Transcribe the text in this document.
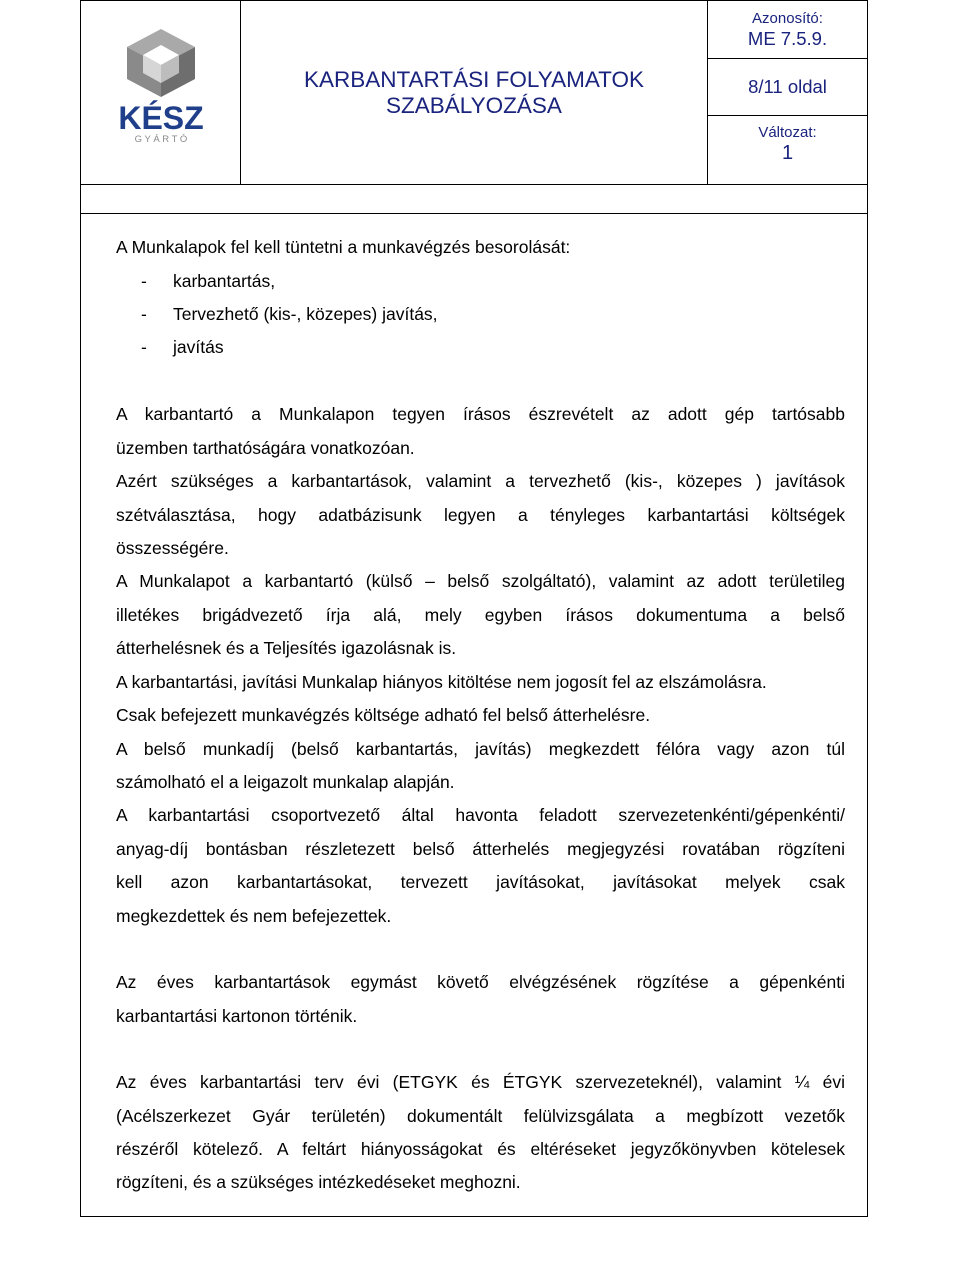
KÉSZ
G Y Á R T Ó
KARBANTARTÁSI FOLYAMATOK
SZABÁLYOZÁSA
Azonosító:
ME 7.5.9.
8/11 oldal
Változat:
1
A Munkalapok fel kell tüntetni a munkavégzés besorolását:
- karbantartás,
- Tervezhető (kis-, közepes) javítás,
- javítás
A karbantartó a Munkalapon tegyen írásos észrevételt az adott gép tartósabb
üzemben tarthatóságára vonatkozóan.
Azért szükséges a karbantartások, valamint a tervezhető (kis-, közepes ) javítások
szétválasztása, hogy adatbázisunk legyen a tényleges karbantartási költségek
összességére.
A Munkalapot a karbantartó (külső – belső szolgáltató), valamint az adott területileg
illetékes brigádvezető írja alá, mely egyben írásos dokumentuma a belső
átterhelésnek és a Teljesítés igazolásnak is.
A karbantartási, javítási Munkalap hiányos kitöltése nem jogosít fel az elszámolásra.
Csak befejezett munkavégzés költsége adható fel belső átterhelésre.
A belső munkadíj (belső karbantartás, javítás) megkezdett félóra vagy azon túl
számolható el a leigazolt munkalap alapján.
A karbantartási csoportvezető által havonta feladott szervezetenkénti/gépenkénti/
anyag-díj bontásban részletezett belső átterhelés megjegyzési rovatában rögzíteni
kell azon karbantartásokat, tervezett javításokat, javításokat melyek csak
megkezdettek és nem befejezettek.
Az éves karbantartások egymást követő elvégzésének rögzítése a gépenkénti
karbantartási kartonon történik.
Az éves karbantartási terv évi (ETGYK és ÉTGYK szervezeteknél), valamint ¼ évi
(Acélszerkezet Gyár területén) dokumentált felülvizsgálata a megbízott vezetők
részéről kötelező. A feltárt hiányosságokat és eltéréseket jegyzőkönyvben kötelesek
rögzíteni, és a szükséges intézkedéseket meghozni.
